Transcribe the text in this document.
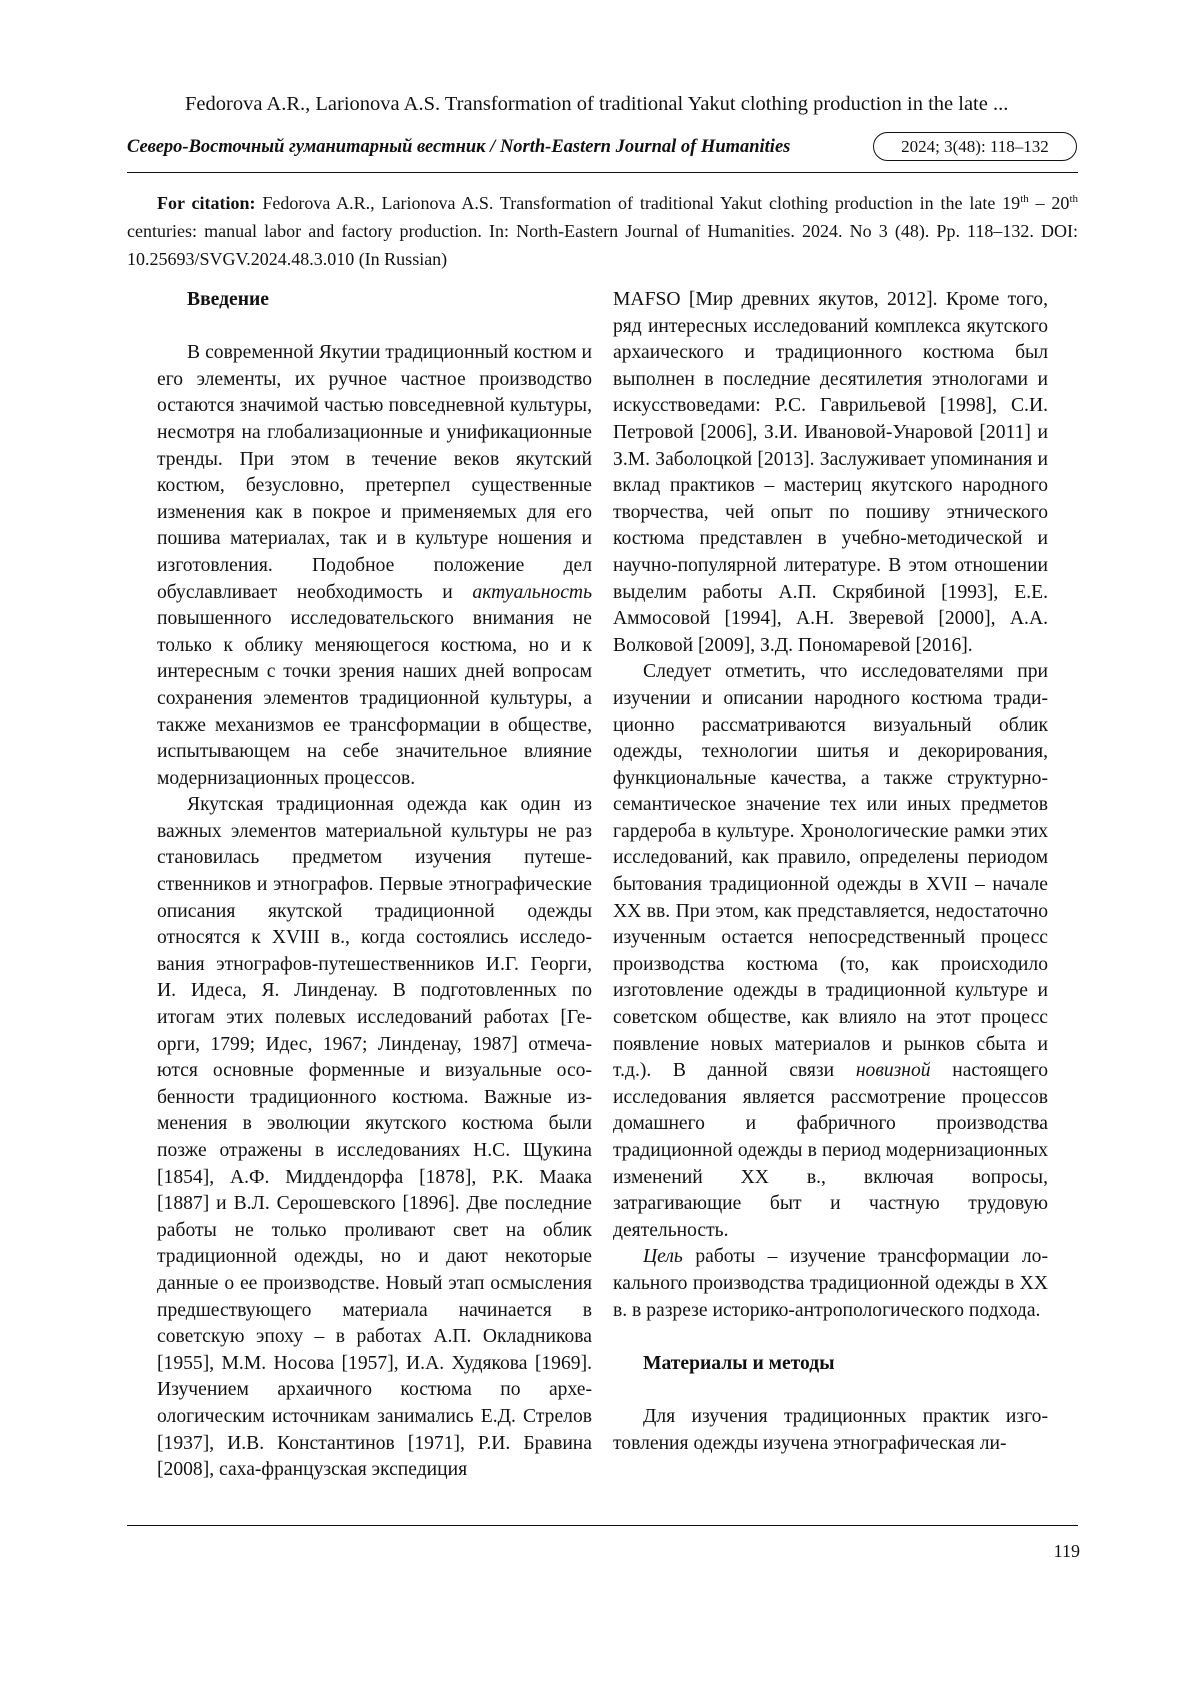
Fedorova A.R., Larionova A.S. Transformation of traditional Yakut clothing production in the late ...
Северо-Восточный гуманитарный вестник / North-Eastern Journal of Humanities	2024; 3(48): 118–132
For citation: Fedorova A.R., Larionova A.S. Transformation of traditional Yakut clothing production in the late 19th – 20th centuries: manual labor and factory production. In: North-Eastern Journal of Humanities. 2024. No 3 (48). Pp. 118–132. DOI: 10.25693/SVGV.2024.48.3.010 (In Russian)
Введение

В современной Якутии традиционный костюм и его элементы, их ручное частное производство остаются значимой частью повседневной культуры, несмотря на глобализационные и унификационные тренды. При этом в течение веков якутский костюм, безусловно, претерпел существенные изменения как в покрое и применяемых для его пошива материалах, так и в культуре ношения и изготовления. Подобное положение дел обуславливает необходимость и актуальность повышенного исследовательского внимания не только к облику меняющегося костюма, но и к интересным с точки зрения наших дней вопросам сохранения элементов традиционной культуры, а также механизмов ее трансформации в обществе, испытывающем на себе значительное влияние модернизационных процессов.

Якутская традиционная одежда как один из важных элементов материальной культуры не раз становилась предметом изучения путешественников и этнографов. Первые этнографические описания якутской традиционной одежды относятся к XVIII в., когда состоялись исследования этнографов-путешественников И.Г. Георги, И. Идеса, Я. Линденау. В подготовленных по итогам этих полевых исследований работах [Георги, 1799; Идес, 1967; Линденау, 1987] отмечаются основные форменные и визуальные особенности традиционного костюма. Важные изменения в эволюции якутского костюма были позже отражены в исследованиях Н.С. Щукина [1854], А.Ф. Миддендорфа [1878], Р.К. Маака [1887] и В.Л. Серошевского [1896]. Две последние работы не только проливают свет на облик традиционной одежды, но и дают некоторые данные о ее производстве. Новый этап осмысления предшествующего материала начинается в советскую эпоху – в работах А.П. Окладникова [1955], М.М. Носова [1957], И.А. Худякова [1969]. Изучением архаичного костюма по археологическим источникам занимались Е.Д. Стрелов [1937], И.В. Константинов [1971], Р.И. Бравина [2008], саха-французская экспедиция

MAFSO [Мир древних якутов, 2012]. Кроме того, ряд интересных исследований комплекса якутского архаического и традиционного костюма был выполнен в последние десятилетия этнологами и искусствоведами: Р.С. Гаврильевой [1998], С.И. Петровой [2006], З.И. Ивановой-Унаровой [2011] и З.М. Заболоцкой [2013]. Заслуживает упоминания и вклад практиков – мастериц якутского народного творчества, чей опыт по пошиву этнического костюма представлен в учебно-методической и научно-популярной литературе. В этом отношении выделим работы А.П. Скрябиной [1993], Е.Е. Аммосовой [1994], А.Н. Зверевой [2000], А.А. Волковой [2009], З.Д. Пономаревой [2016].

Следует отметить, что исследователями при изучении и описании народного костюма традиционно рассматриваются визуальный облик одежды, технологии шитья и декорирования, функциональные качества, а также структурно-семантическое значение тех или иных предметов гардероба в культуре. Хронологические рамки этих исследований, как правило, определены периодом бытования традиционной одежды в XVII – начале XX вв. При этом, как представляется, недостаточно изученным остается непосредственный процесс производства костюма (то, как происходило изготовление одежды в традиционной культуре и советском обществе, как влияло на этот процесс появление новых материалов и рынков сбыта и т.д.). В данной связи новизной настоящего исследования является рассмотрение процессов домашнего и фабричного производства традиционной одежды в период модернизационных изменений XX в., включая вопросы, затрагивающие быт и частную трудовую деятельность.

Цель работы – изучение трансформации локального производства традиционной одежды в XX в. в разрезе историко-антропологического подхода.

Материалы и методы

Для изучения традиционных практик изготовления одежды изучена этнографическая ли-

119
